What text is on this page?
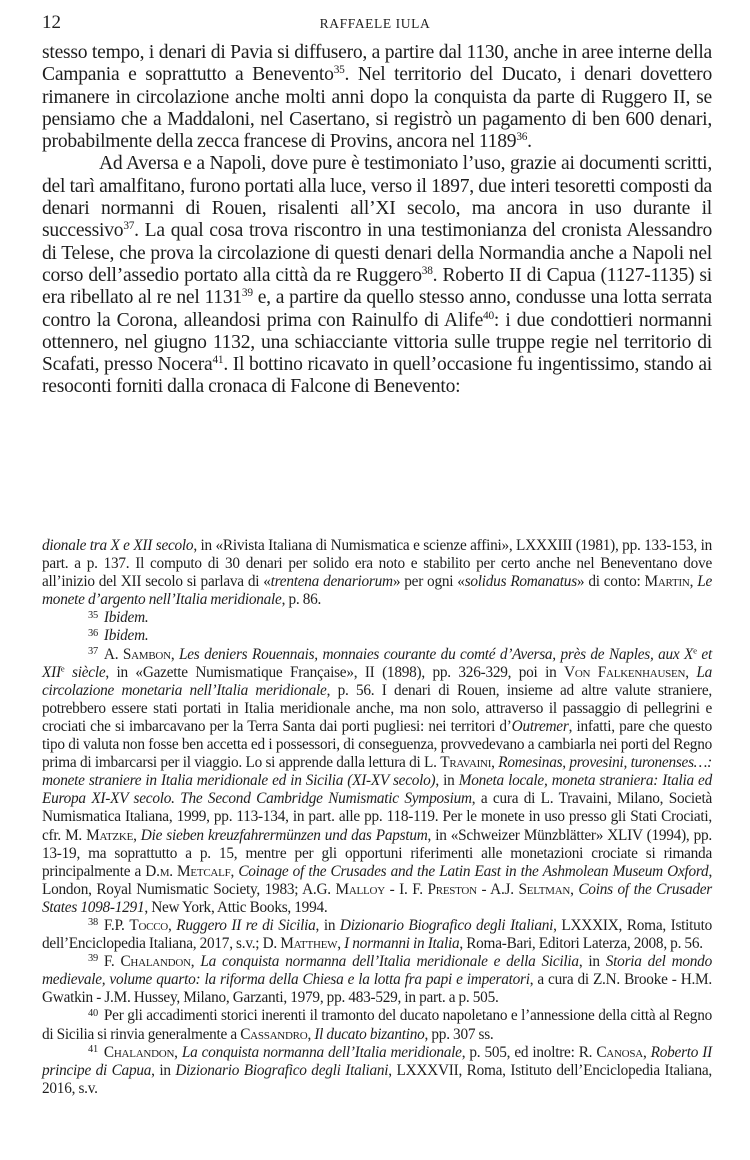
12	RAFFAELE IULA

stesso tempo, i denari di Pavia si diffusero, a partire dal 1130, anche in aree interne della Campania e soprattutto a Benevento$^{35}$. Nel territorio del Ducato, i denari dovettero rimanere in circolazione anche molti anni dopo la conquista da parte di Ruggero II, se pensiamo che a Maddaloni, nel Casertano, si registrò un pagamento di ben 600 denari, probabilmente della zecca francese di Provins, ancora nel 1189$^{36}$.

Ad Aversa e a Napoli, dove pure è testimoniato l’uso, grazie ai documenti scritti, del tarì amalfitano, furono portati alla luce, verso il 1897, due interi tesoretti composti da denari normanni di Rouen, risalenti all’XI secolo, ma ancora in uso durante il successivo$^{37}$. La qual cosa trova riscontro in una testimonianza del cronista Alessandro di Telese, che prova la circolazione di questi denari della Normandia anche a Napoli nel corso dell’assedio portato alla città da re Ruggero$^{38}$. Roberto II di Capua (1127-1135) si era ribellato al re nel 1131$^{39}$ e, a partire da quello stesso anno, condusse una lotta serrata contro la Corona, alleandosi prima con Rainulfo di Alife$^{40}$: i due condottieri normanni ottennero, nel giugno 1132, una schiacciante vittoria sulle truppe regie nel territorio di Scafati, presso Nocera$^{41}$. Il bottino ricavato in quell’occasione fu ingentissimo, stando ai resoconti forniti dalla cronaca di Falcone di Benevento:

dionale tra X e XII secolo, in «Rivista Italiana di Numismatica e scienze affini», LXXXIII (1981), pp. 133-153, in part. a p. 137. Il computo di 30 denari per solido era noto e stabilito per certo anche nel Beneventano dove all’inizio del XII secolo si parlava di «trentena denariorum» per ogni «solidus Romanatus» di conto: Martin, Le monete d’argento nell’Italia meridionale, p. 86.

$^{35}$ Ibidem.

$^{36}$ Ibidem.

$^{37}$ A. Sambon, Les deniers Rouennais, monnaies courante du comté d’Aversa, près de Naples, aux Xe et XIIe siècle, in «Gazette Numismatique Française», II (1898), pp. 326-329, poi in Von Falkenhausen, La circolazione monetaria nell’Italia meridionale, p. 56. I denari di Rouen, insieme ad altre valute straniere, potrebbero essere stati portati in Italia meridionale anche, ma non solo, attraverso il passaggio di pellegrini e crociati che si imbarcavano per la Terra Santa dai porti pugliesi: nei territori d’Outremer, infatti, pare che questo tipo di valuta non fosse ben accetta ed i possessori, di conseguenza, provvedevano a cambiarla nei porti del Regno prima di imbarcarsi per il viaggio. Lo si apprende dalla lettura di L. Travaini, Romesinas, provesini, turonenses…: monete straniere in Italia meridionale ed in Sicilia (XI-XV secolo), in Moneta locale, moneta straniera: Italia ed Europa XI-XV secolo. The Second Cambridge Numismatic Symposium, a cura di L. Travaini, Milano, Società Numismatica Italiana, 1999, pp. 113-134, in part. alle pp. 118-119. Per le monete in uso presso gli Stati Crociati, cfr. M. Matzke, Die sieben kreuzfahrermünzen und das Papstum, in «Schweizer Münzblätter» XLIV (1994), pp. 13-19, ma soprattutto a p. 15, mentre per gli opportuni riferimenti alle monetazioni crociate si rimanda principalmente a D.m. Metcalf, Coinage of the Crusades and the Latin East in the Ashmolean Museum Oxford, London, Royal Numismatic Society, 1983; A.G. Malloy - I. F. Preston - A.J. Seltman, Coins of the Crusader States 1098-1291, New York, Attic Books, 1994.

$^{38}$ F.P. Tocco, Ruggero II re di Sicilia, in Dizionario Biografico degli Italiani, LXXXIX, Roma, Istituto dell’Enciclopedia Italiana, 2017, s.v.; D. Matthew, I normanni in Italia, Roma-Bari, Editori Laterza, 2008, p. 56.

$^{39}$ F. Chalandon, La conquista normanna dell’Italia meridionale e della Sicilia, in Storia del mondo medievale, volume quarto: la riforma della Chiesa e la lotta fra papi e imperatori, a cura di Z.N. Brooke - H.M. Gwatkin - J.M. Hussey, Milano, Garzanti, 1979, pp. 483-529, in part. a p. 505.

$^{40}$ Per gli accadimenti storici inerenti il tramonto del ducato napoletano e l’annessione della città al Regno di Sicilia si rinvia generalmente a Cassandro, Il ducato bizantino, pp. 307 ss.

$^{41}$ Chalandon, La conquista normanna dell’Italia meridionale, p. 505, ed inoltre: R. Canosa, Roberto II principe di Capua, in Dizionario Biografico degli Italiani, LXXXVII, Roma, Istituto dell’Enciclopedia Italiana, 2016, s.v.
